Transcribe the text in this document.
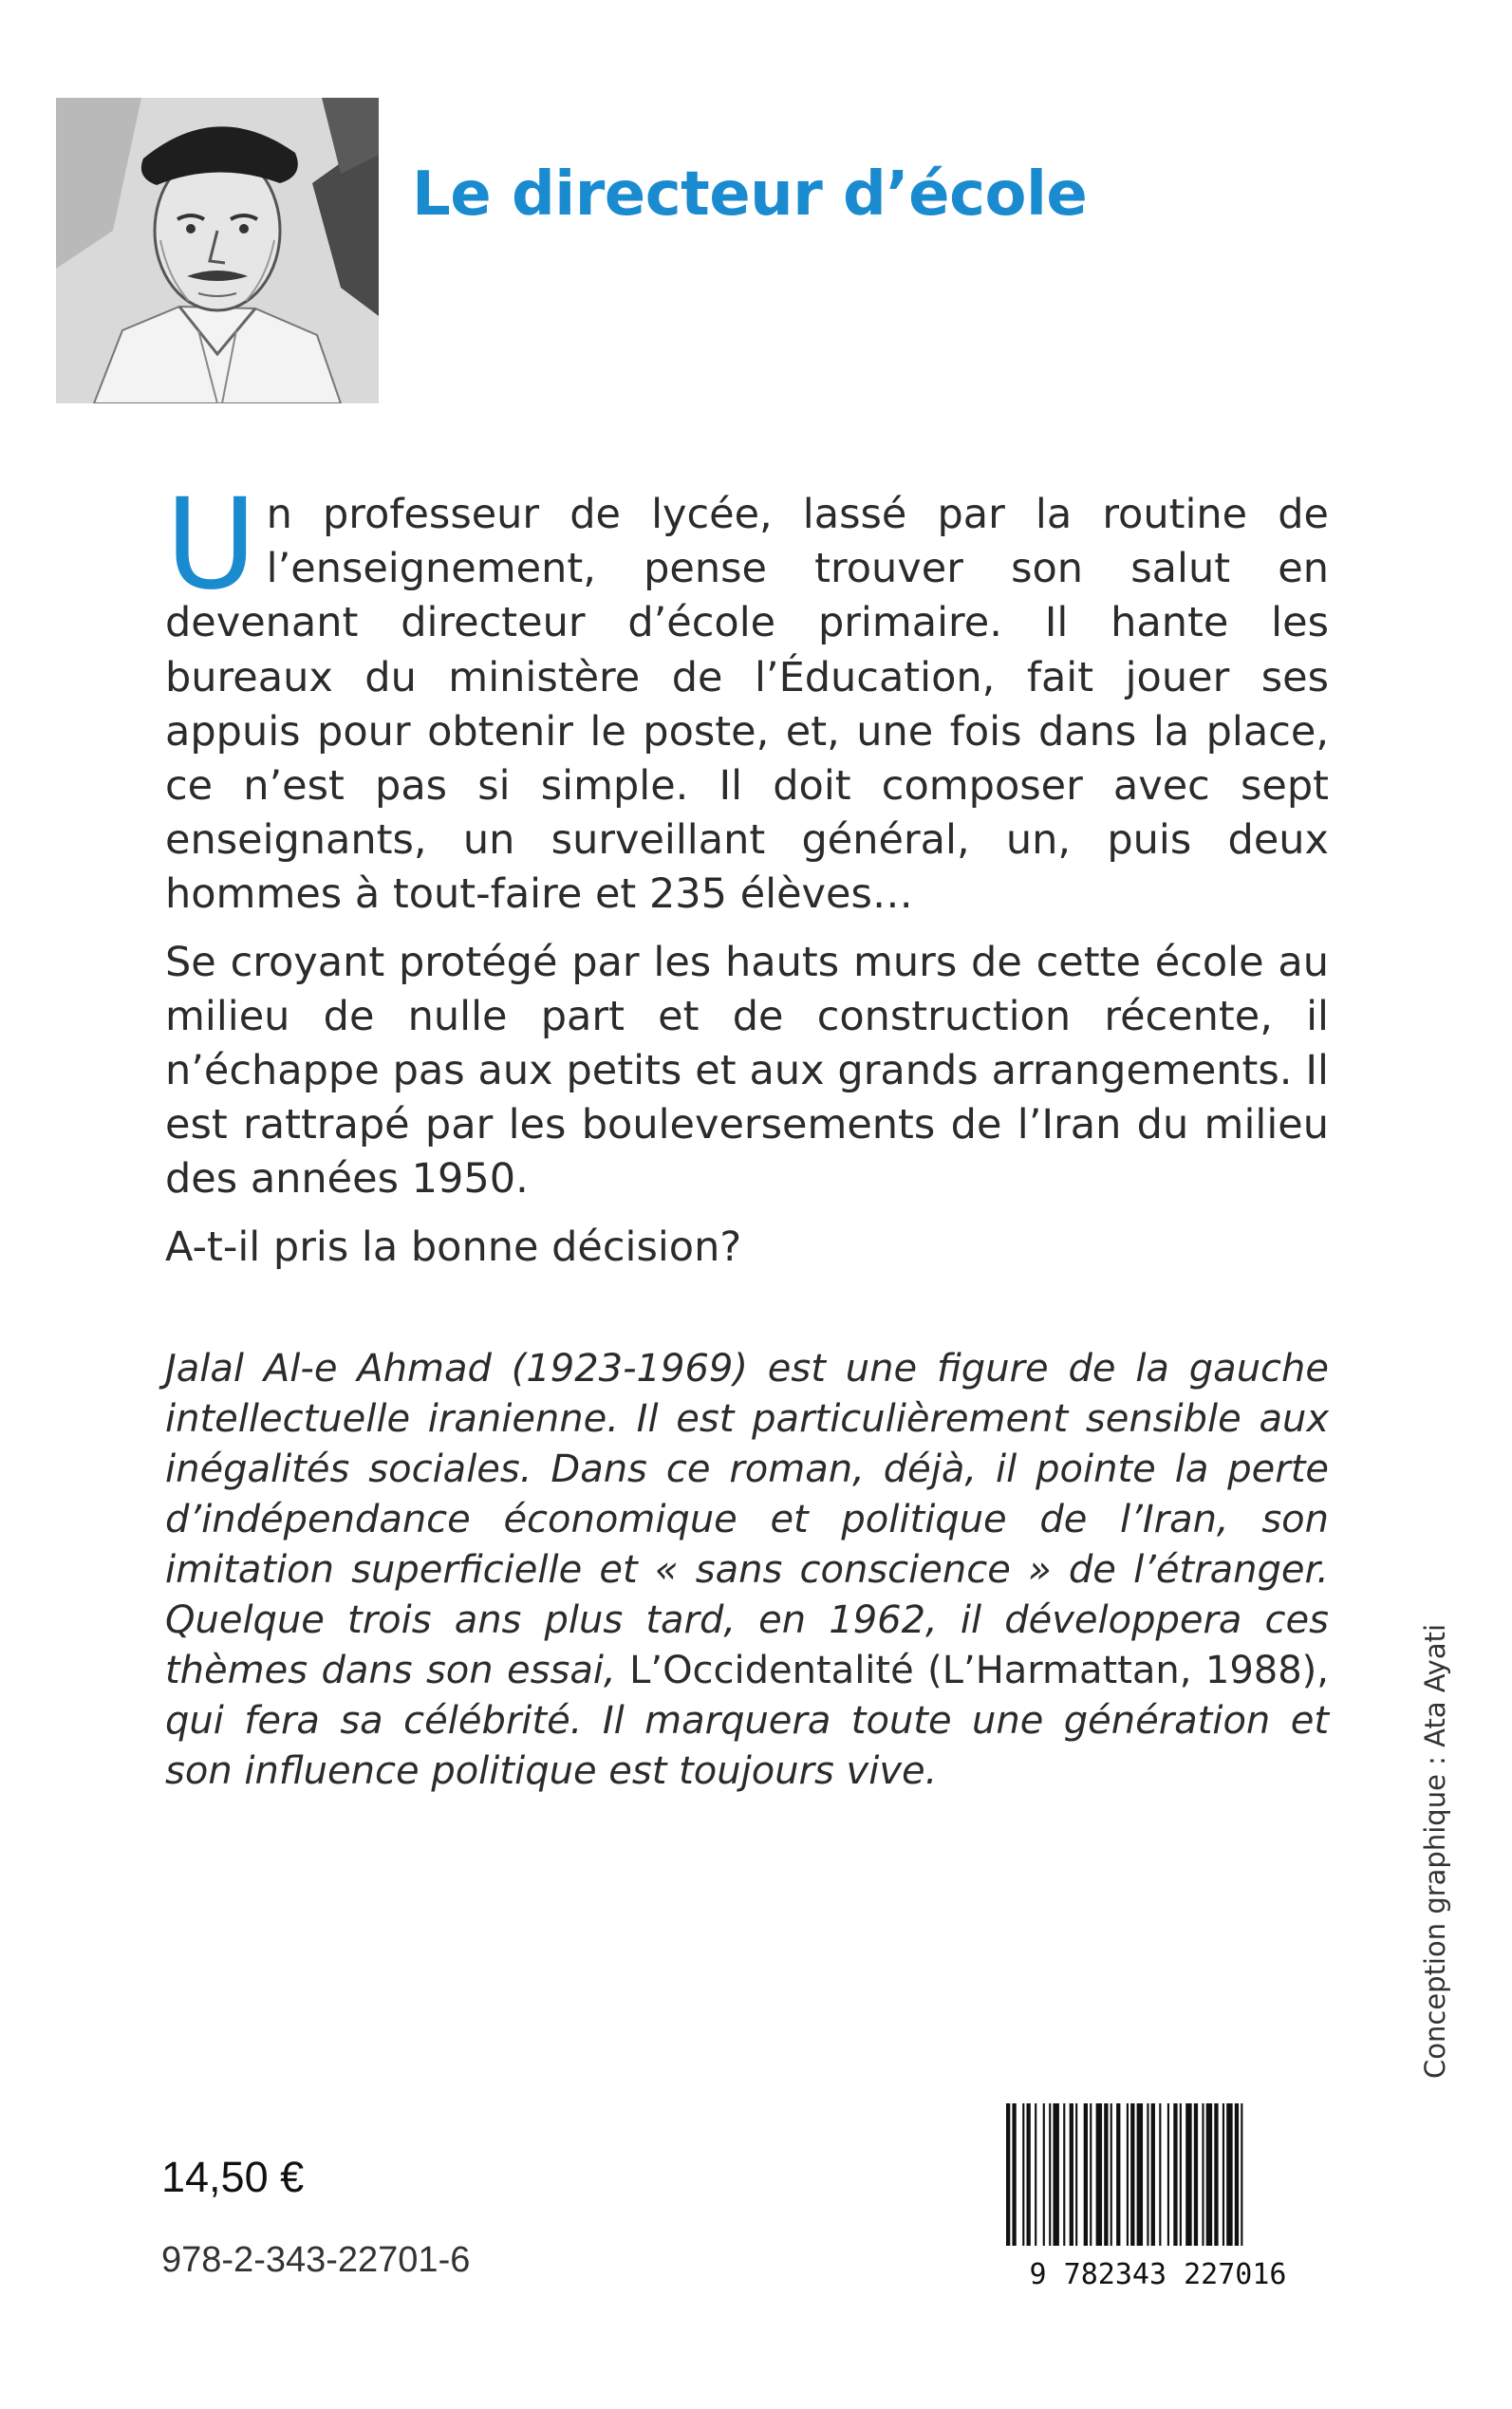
Le directeur d’école

Un professeur de lycée, lassé par la routine de l’enseignement, pense trouver son salut en devenant directeur d’école primaire. Il hante les bureaux du ministère de l’Éducation, fait jouer ses appuis pour obtenir le poste, et, une fois dans la place, ce n’est pas si simple. Il doit composer avec sept enseignants, un surveillant général, un, puis deux hommes à tout-faire et 235 élèves…

Se croyant protégé par les hauts murs de cette école au milieu de nulle part et de construction récente, il n’échappe pas aux petits et aux grands arrangements. Il est rattrapé par les bouleversements de l’Iran du milieu des années 1950.

A-t-il pris la bonne décision?

Jalal Al-e Ahmad (1923-1969) est une figure de la gauche intellectuelle iranienne. Il est particulièrement sensible aux inégalités sociales. Dans ce roman, déjà, il pointe la perte d’indépendance économique et politique de l’Iran, son imitation superficielle et « sans conscience » de l’étranger. Quelque trois ans plus tard, en 1962, il développera ces thèmes dans son essai, L’Occidentalité (L’Harmattan, 1988), qui fera sa célébrité. Il marquera toute une génération et son influence politique est toujours vive.	Conception graphique : Ata Ayati
14,50 €
978-2-343-22701-6	9 782343 227016
